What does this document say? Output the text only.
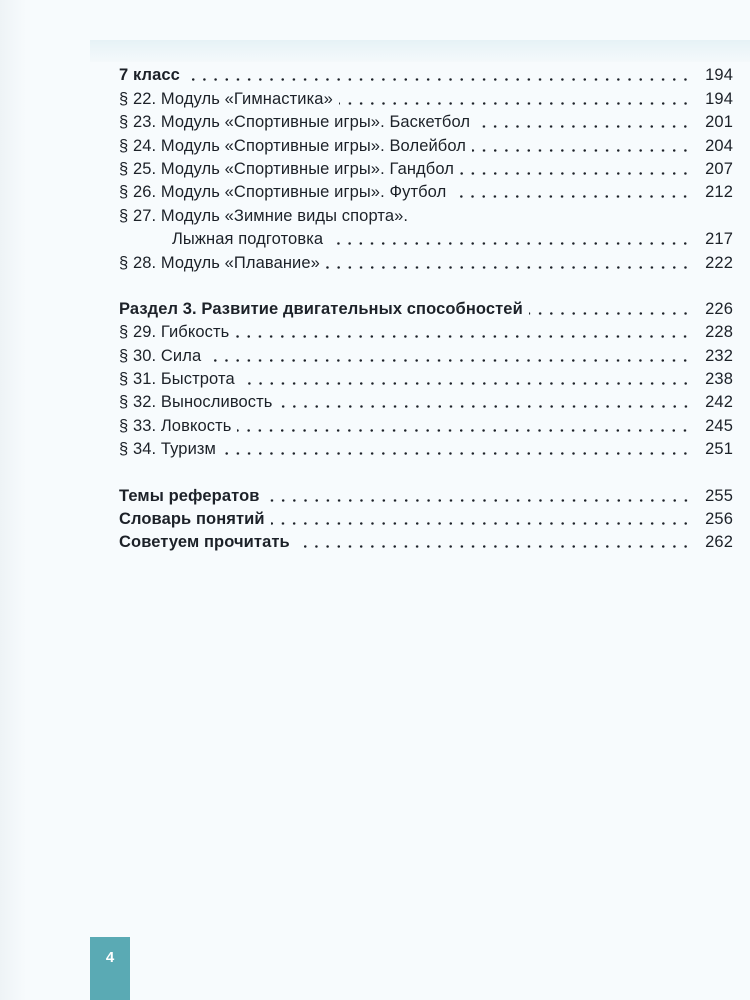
7 класс	194
§ 22. Модуль «Гимнастика»	194
§ 23. Модуль «Спортивные игры». Баскетбол	201
§ 24. Модуль «Спортивные игры». Волейбол	204
§ 25. Модуль «Спортивные игры». Гандбол	207
§ 26. Модуль «Спортивные игры». Футбол	212
§ 27. Модуль «Зимние виды спорта».
Лыжная подготовка	217
§ 28. Модуль «Плавание»	222
Раздел 3. Развитие двигательных способностей	226
§ 29. Гибкость	228
§ 30. Сила	232
§ 31. Быстрота	238
§ 32. Выносливость	242
§ 33. Ловкость	245
§ 34. Туризм	251
Темы рефератов	255
Словарь понятий	256
Советуем прочитать	262
4
